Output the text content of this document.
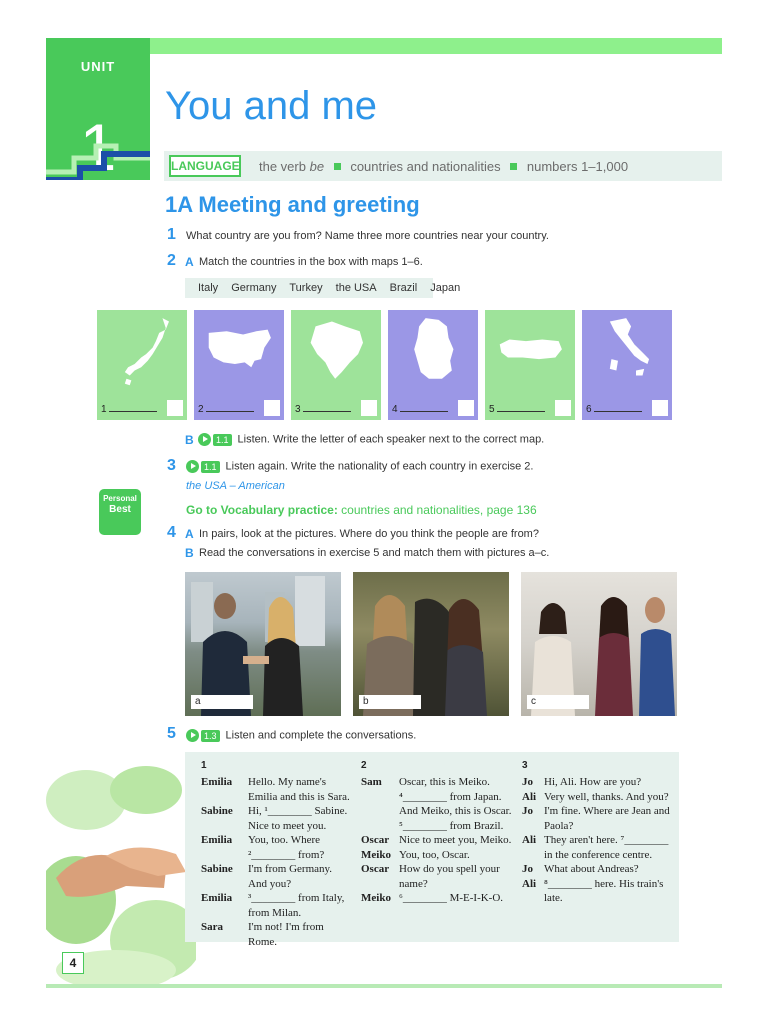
UNIT
1
You and me
LANGUAGE the verb be countries and nationalities numbers 1–1,000
1A Meeting and greeting
1 What country are you from? Name three more countries near your country.
2 A Match the countries in the box with maps 1–6.
Italy Germany Turkey the USA Brazil Japan
1	2	3	4	5	6
B	1.1 Listen. Write the letter of each speaker next to the correct map.
3	1.1 Listen again. Write the nationality of each country in exercise 2.
the USA – American
Go to Vocabulary practice: countries and nationalities, page 136
Personal
Best
4 A In pairs, look at the pictures. Where do you think the people are from?
B Read the conversations in exercise 5 and match them with pictures a–c.
a	b	c
5	1.3 Listen and complete the conversations.
1
Emilia	Hello. My name's
Emilia and this is Sara.
Sabine	Hi, ¹________ Sabine.
Nice to meet you.
Emilia	You, too. Where
²________ from?
Sabine	I'm from Germany.
And you?
Emilia	³________ from Italy,
from Milan.
Sara	I'm not! I'm from Rome.
2
Sam	Oscar, this is Meiko.
⁴________ from Japan.
And Meiko, this is Oscar.
⁵________ from Brazil.
Oscar Nice to meet you, Meiko.
Meiko You, too, Oscar.
Oscar How do you spell your
name?
Meiko ⁶________ M-E-I-K-O.
3
Jo	Hi, Ali. How are you?
Ali Very well, thanks. And you?
Jo	I'm fine. Where are Jean and
Paola?
Ali They aren't here. ⁷________
in the conference centre.
Jo	What about Andreas?
Ali ⁸________ here. His train's
late.
4
